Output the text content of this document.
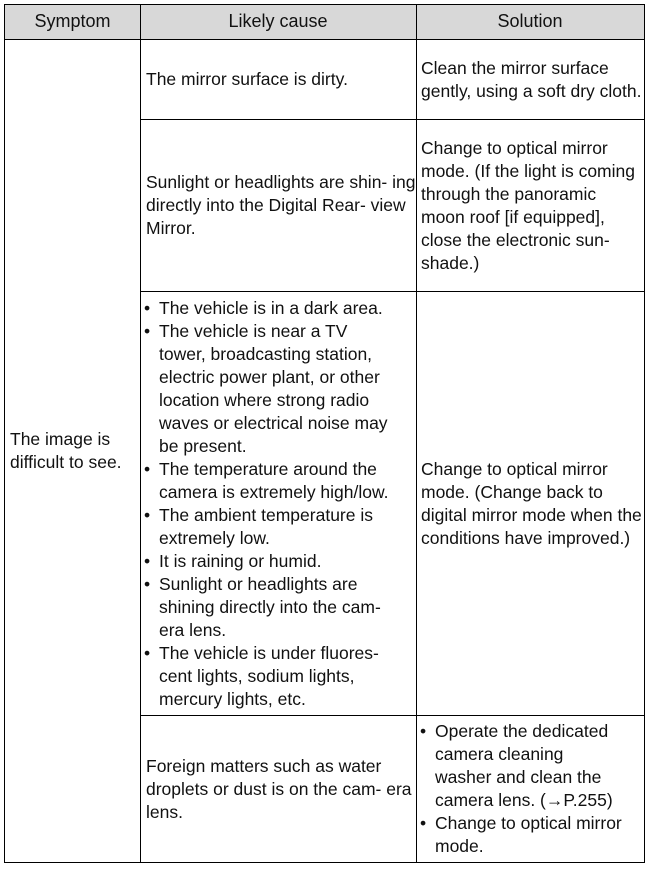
Symptom	Likely cause	Solution
The image is difficult to see.
The mirror surface is dirty.
Clean the mirror surface gently, using a soft dry cloth.
Sunlight or headlights are shin- ing directly into the Digital Rear- view Mirror.
Change to optical mirror mode. (If the light is coming through the panoramic moon roof [if equipped], close the electronic sun- shade.)
• The vehicle is in a dark area.
• The vehicle is near a TV
tower, broadcasting station,
electric power plant, or other
location where strong radio
waves or electrical noise may
be present.
• The temperature around the
camera is extremely high/low.
• The ambient temperature is
extremely low.
• It is raining or humid.
• Sunlight or headlights are
shining directly into the cam-
era lens.
• The vehicle is under fluores-
cent lights, sodium lights,
mercury lights, etc.
Change to optical mirror mode. (Change back to digital mirror mode when the conditions have improved.)
Foreign matters such as water droplets or dust is on the cam- era lens.
• Operate the dedicated
camera cleaning
washer and clean the
camera lens. (→P.255)
• Change to optical mirror
mode.
